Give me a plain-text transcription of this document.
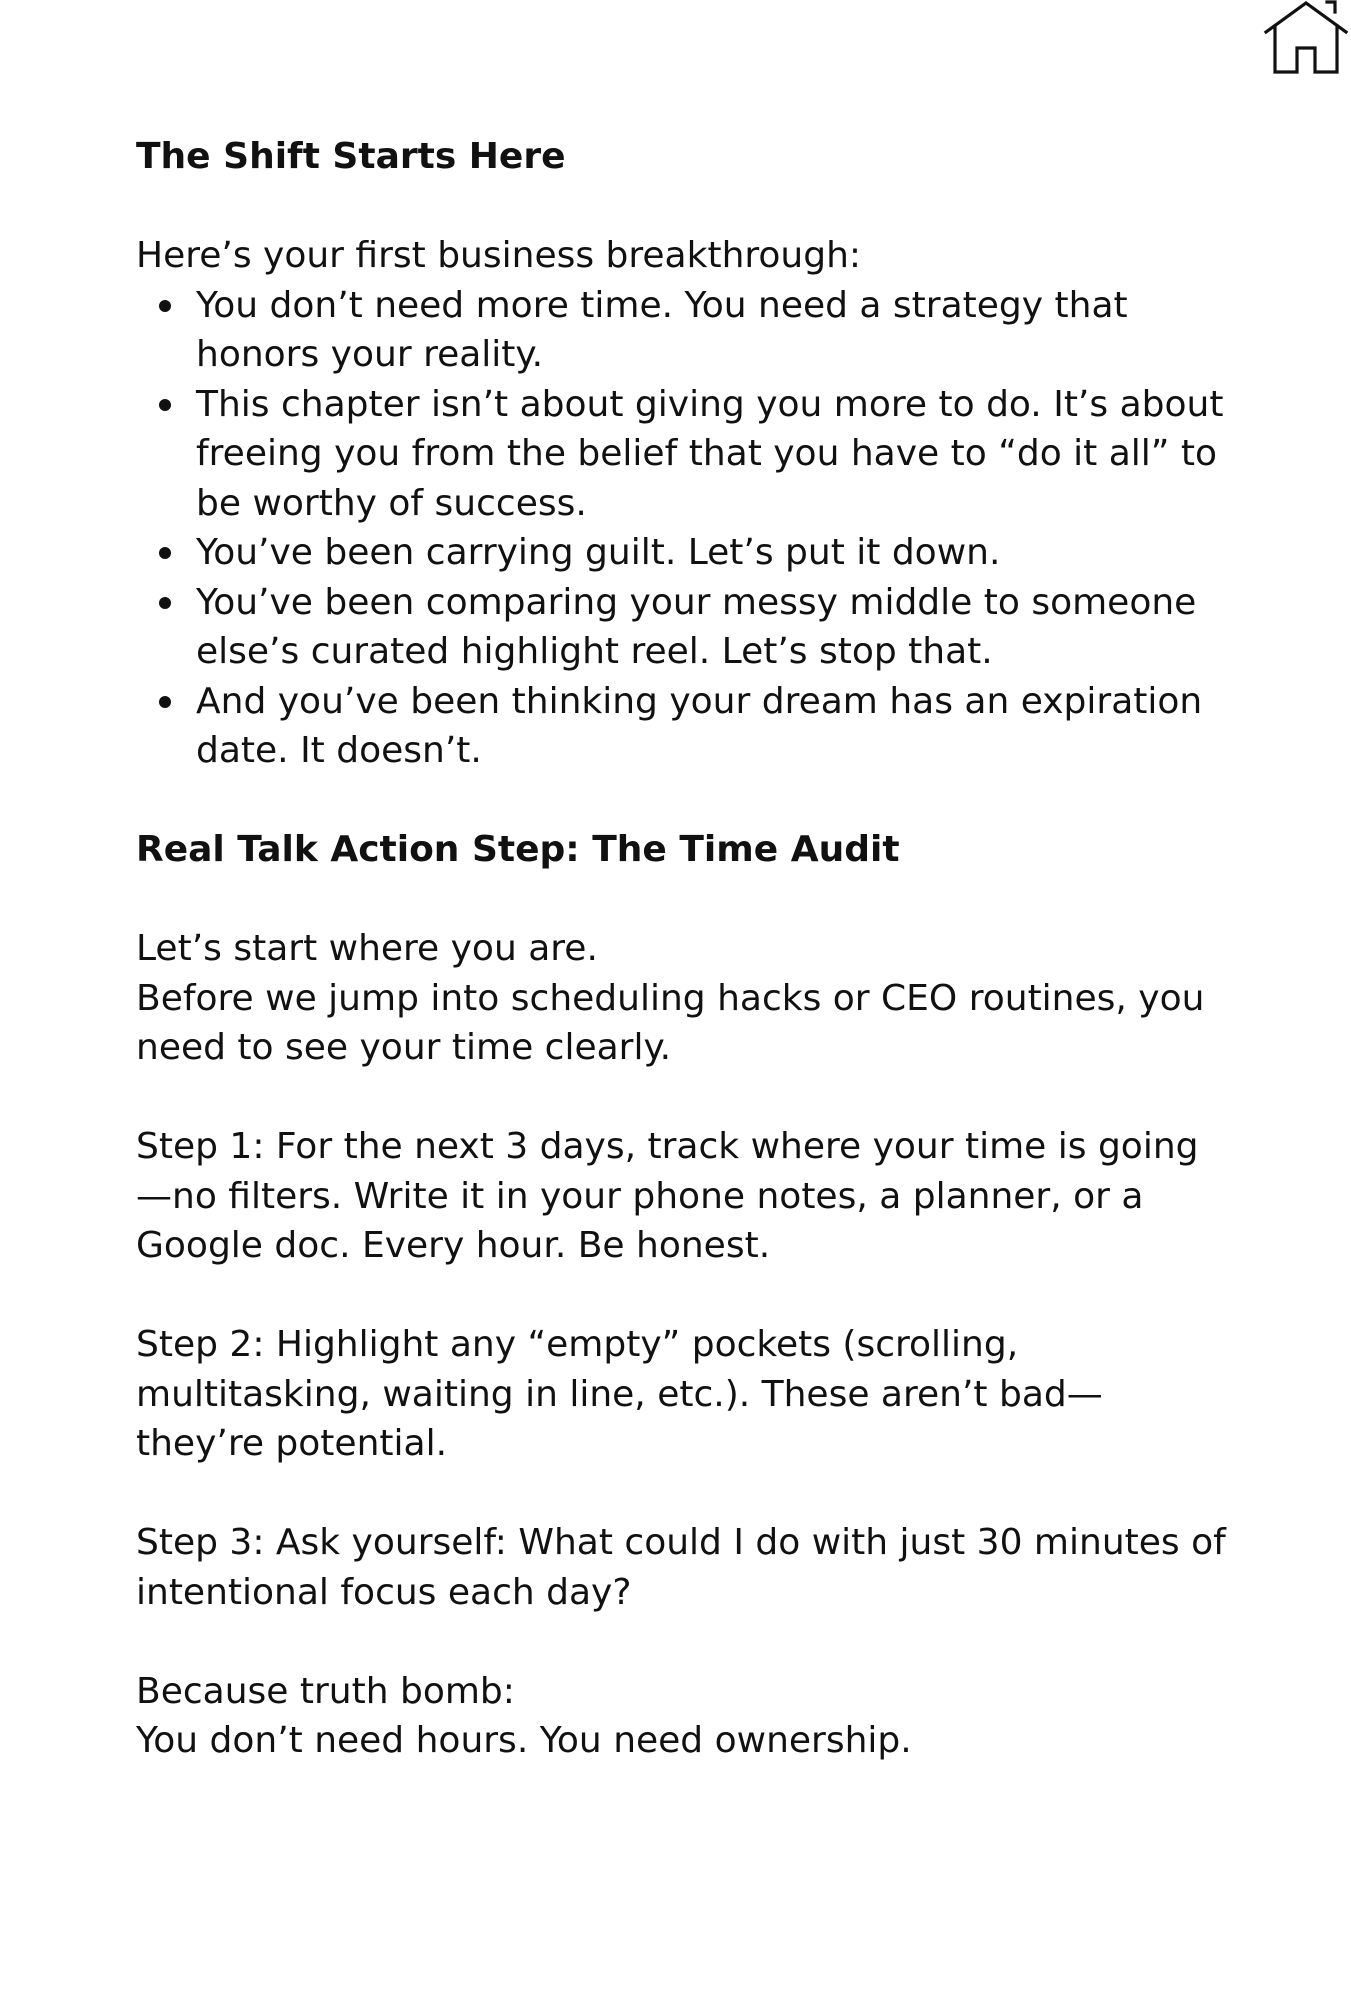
The Shift Starts Here

Here’s your first business breakthrough:

You don’t need more time. You need a strategy that honors your reality.
This chapter isn’t about giving you more to do. It’s about freeing you from the belief that you have to “do it all” to be worthy of success.
You’ve been carrying guilt. Let’s put it down.
You’ve been comparing your messy middle to someone else’s curated highlight reel. Let’s stop that.
And you’ve been thinking your dream has an expiration date. It doesn’t.
Real Talk Action Step: The Time Audit

Let’s start where you are.

Before we jump into scheduling hacks or CEO routines, you need to see your time clearly.

Step 1: For the next 3 days, track where your time is going—no filters. Write it in your phone notes, a planner, or a Google doc. Every hour. Be honest.

Step 2: Highlight any “empty” pockets (scrolling, multitasking, waiting in line, etc.). These aren’t bad—they’re potential.

Step 3: Ask yourself: What could I do with just 30 minutes of intentional focus each day?

Because truth bomb:

You don’t need hours. You need ownership.
